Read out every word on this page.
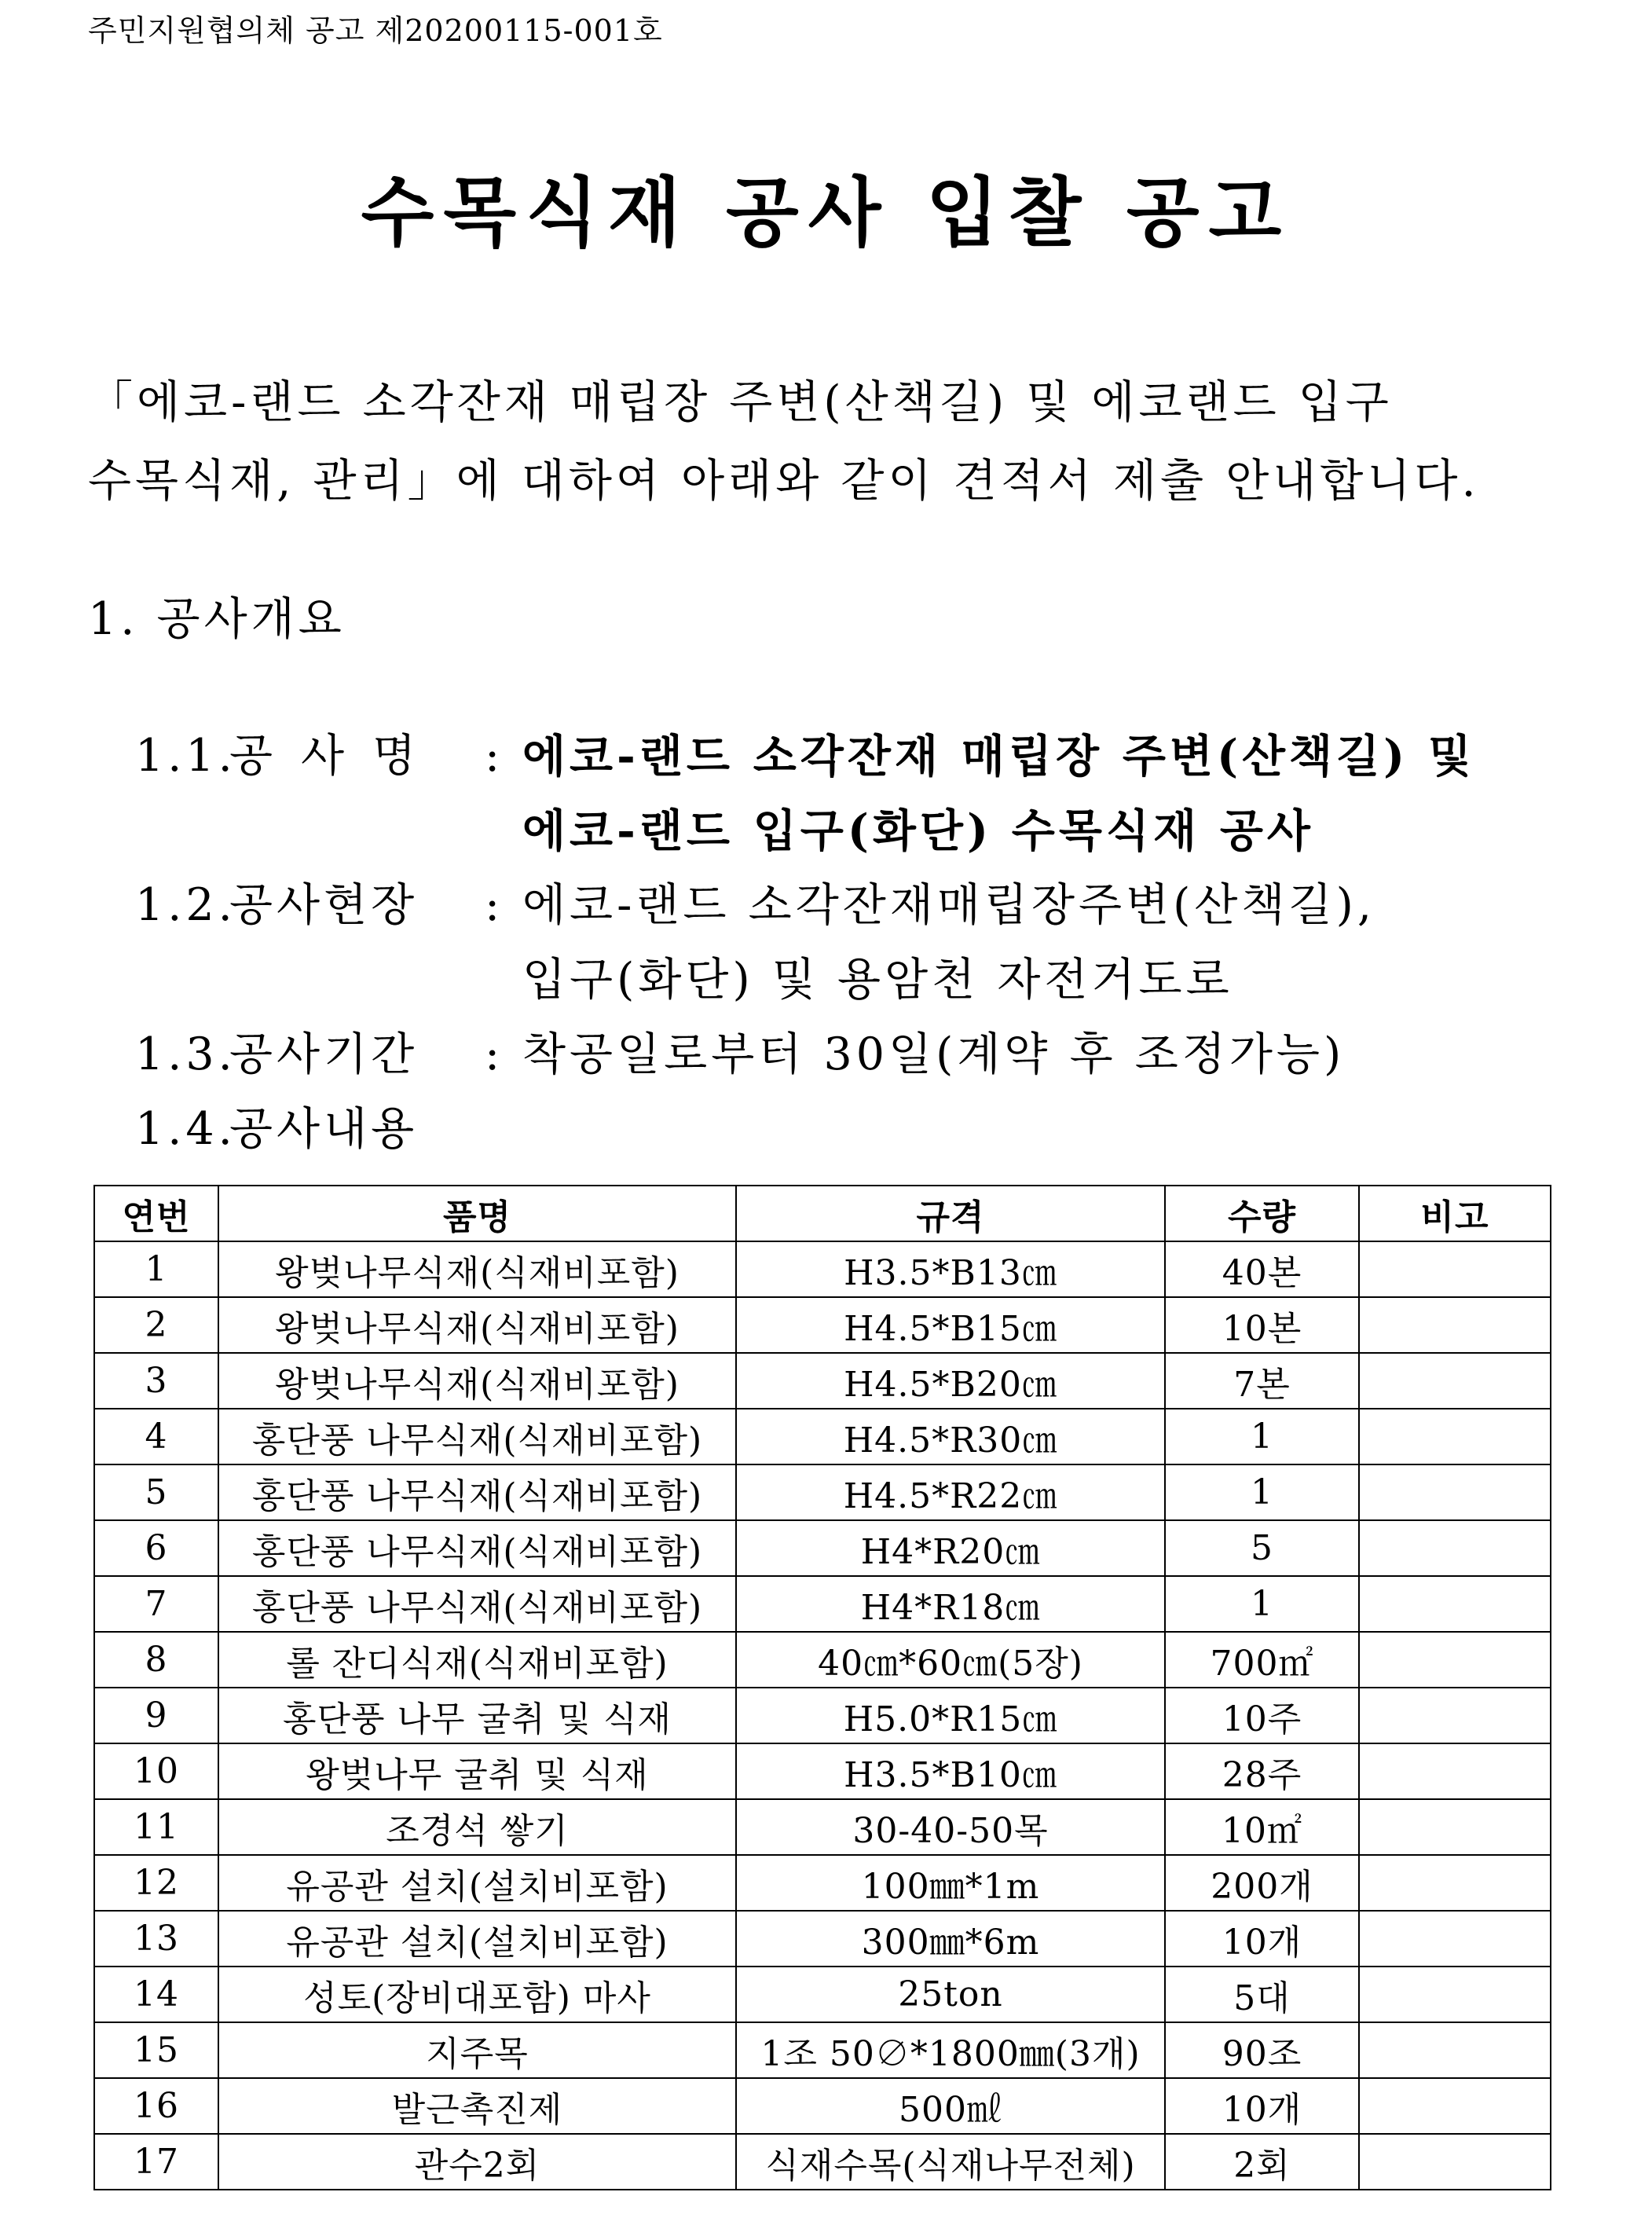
주민지원협의체 공고 제20200115-001호
수목식재 공사 입찰 공고
「에코-랜드 소각잔재 매립장 주변(산책길) 및 에코랜드 입구
수목식재, 관리」에 대하여 아래와 같이 견적서 제출 안내합니다.
1. 공사개요
1.1.
공사명 : 에코-랜드 소각잔재 매립장 주변(산책길) 및
에코-랜드 입구(화단) 수목식재 공사
1.2.
공사현장	: 에코-랜드 소각잔재매립장주변(산책길),
입구(화단) 및 용암천 자전거도로
1.3.
공사기간	: 착공일로부터 30일(계약 후 조정가능)
1.4.
공사내용
연번	품명	규격	수량	비고
1	왕벚나무식재(식재비포함)	H3.5*B13㎝	40본	
2	왕벚나무식재(식재비포함)	H4.5*B15㎝	10본	
3	왕벚나무식재(식재비포함)	H4.5*B20㎝	7본	
4	홍단풍 나무식재(식재비포함)	H4.5*R30㎝	1	
5	홍단풍 나무식재(식재비포함)	H4.5*R22㎝	1	
6	홍단풍 나무식재(식재비포함)	H4*R20㎝	5	
7	홍단풍 나무식재(식재비포함)	H4*R18㎝	1	
8	롤 잔디식재(식재비포함)	40㎝*60㎝(5장)	700㎡	
9	홍단풍 나무 굴취 및 식재	H5.0*R15㎝	10주	
10	왕벚나무 굴취 및 식재	H3.5*B10㎝	28주	
11	조경석 쌓기	30-40-50목	10㎡	
12	유공관 설치(설치비포함)	100㎜*1m	200개	
13	유공관 설치(설치비포함)	300㎜*6m	10개	
14	성토(장비대포함) 마사	25ton	5대	
15	지주목	1조 50∅*1800㎜(3개)	90조	
16	발근촉진제	500㎖	10개	
17	관수2회	식재수목(식재나무전체)	2회	
